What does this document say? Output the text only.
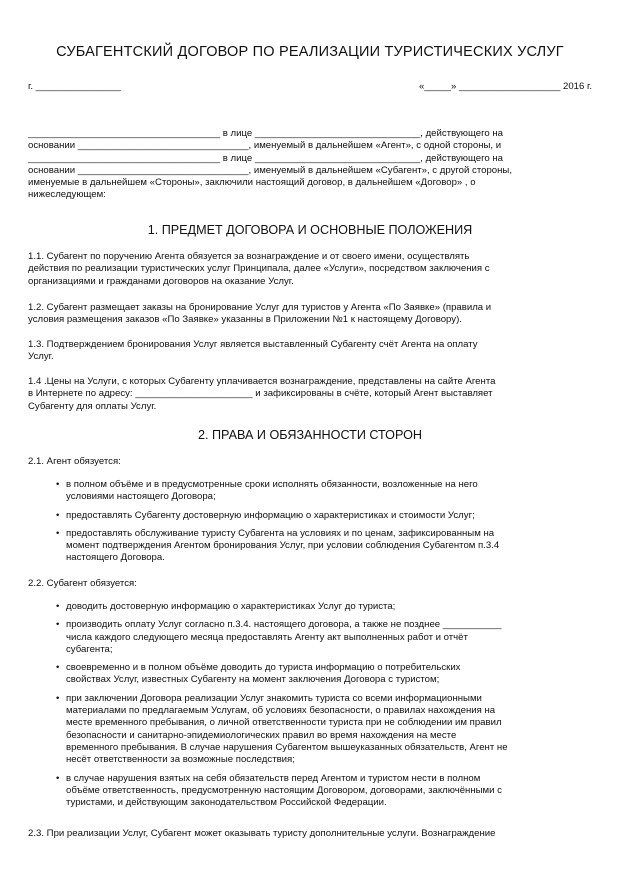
СУБАГЕНТСКИЙ ДОГОВОР ПО РЕАЛИЗАЦИИ ТУРИСТИЧЕСКИХ УСЛУГ
г. ________________	«_____» ___________________ 2016 г.
____________________________________ в лице _______________________________, действующего на
основании ________________________________, именуемый в дальнейшем «Агент», с одной стороны, и
____________________________________ в лице _______________________________, действующего на
основании ________________________________, именуемый в дальнейшем «Субагент», с другой стороны,
именуемые в дальнейшем «Стороны», заключили настоящий договор, в дальнейшем «Договор» , о
нижеследующем:
1. ПРЕДМЕТ ДОГОВОРА И ОСНОВНЫЕ ПОЛОЖЕНИЯ
1.1. Субагент по поручению Агента обязуется за вознаграждение и от своего имени, осуществлять
действия по реализации туристических услуг Принципала, далее «Услуги», посредством заключения с
организациями и гражданами договоров на оказание Услуг.
1.2. Субагент размещает заказы на бронирование Услуг для туристов у Агента «По Заявке» (правила и
условия размещения заказов «По Заявке» указанны в Приложении №1 к настоящему Договору).
1.3. Подтверждением бронирования Услуг является выставленный Субагенту счёт Агента на оплату
Услуг.
1.4 .Цены на Услуги, с которых Субагенту уплачивается вознаграждение, представлены на сайте Агента
в Интернете по адресу: ______________________ и зафиксированы в счёте, который Агент выставляет
Субагенту для оплаты Услуг.
2. ПРАВА И ОБЯЗАННОСТИ СТОРОН
2.1. Агент обязуется:
• в полном объёме и в предусмотренные сроки исполнять обязанности, возложенные на него
условиями настоящего Договора;
• предоставлять Субагенту достоверную информацию о характеристиках и стоимости Услуг;
• предоставлять обслуживание туристу Субагента на условиях и по ценам, зафиксированным на
момент подтверждения Агентом бронирования Услуг, при условии соблюдения Субагентом п.3.4
настоящего Договора.
2.2. Субагент обязуется:
• доводить достоверную информацию о характеристиках Услуг до туриста;
• производить оплату Услуг согласно п.3.4. настоящего договора, а также не позднее ___________
числа каждого следующего месяца предоставлять Агенту акт выполненных работ и отчёт
субагента;
• своевременно и в полном объёме доводить до туриста информацию о потребительских
свойствах Услуг, известных Субагенту на момент заключения Договора с туристом;
• при заключении Договора реализации Услуг знакомить туриста со всеми информационными
материалами по предлагаемым Услугам, об условиях безопасности, о правилах нахождения на
месте временного пребывания, о личной ответственности туриста при не соблюдении им правил
безопасности и санитарно-эпидемиологических правил во время нахождения на месте
временного пребывания. В случае нарушения Субагентом вышеуказанных обязательств, Агент не
несёт ответственности за возможные последствия;
• в случае нарушения взятых на себя обязательств перед Агентом и туристом нести в полном
объёме ответственность, предусмотренную настоящим Договором, договорами, заключёнными с
туристами, и действующим законодательством Российской Федерации.
2.3. При реализации Услуг, Субагент может оказывать туристу дополнительные услуги. Вознаграждение
